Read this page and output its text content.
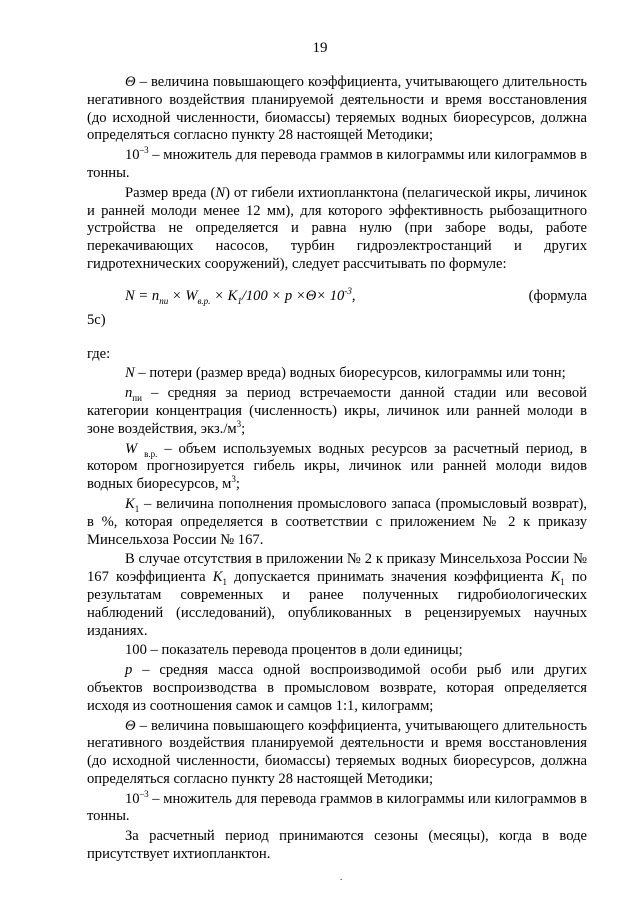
19

Θ – величина повышающего коэффициента, учитывающего длительность негативного воздействия планируемой деятельности и время восстановления (до исходной численности, биомассы) теряемых водных биоресурсов, должна определяться согласно пункту 28 настоящей Методики;

$10^{-3}$ – множитель для перевода граммов в килограммы или килограммов в тонны.

Размер вреда (N) от гибели ихтиопланктона (пелагической икры, личинок и ранней молоди менее 12 мм), для которого эффективность рыбозащитного устройства не определяется и равна нулю (при заборе воды, работе перекачивающих насосов, турбин гидроэлектростанций и других гидротехнических сооружений), следует рассчитывать по формуле:

$N = n_{пи} \times W_{в.р.} \times K_1/100 \times p \times\Theta\times 10^{-3}$,	(формула
5с)
где:

N – потери (размер вреда) водных биоресурсов, килограммы или тонн;

$n_{пи}$ – средняя за период встречаемости данной стадии или весовой категории концентрация (численность) икры, личинок или ранней молоди в зоне воздействия, $экз./м^3$;

W $_{в.р.}$ – объем используемых водных ресурсов за расчетный период, в котором прогнозируется гибель икры, личинок или ранней молоди видов водных биоресурсов, $м^3$;

$K_1$ – величина пополнения промыслового запаса (промысловый возврат), в %, которая определяется в соответствии с приложением № 2 к приказу Минсельхоза России № 167.

В случае отсутствия в приложении № 2 к приказу Минсельхоза России № 167 коэффициента $K_1$ допускается принимать значения коэффициента $K_1$ по результатам современных и ранее полученных гидробиологических наблюдений (исследований), опубликованных в рецензируемых научных изданиях.

100 – показатель перевода процентов в доли единицы;

p – средняя масса одной воспроизводимой особи рыб или других объектов воспроизводства в промысловом возврате, которая определяется исходя из соотношения самок и самцов 1:1, килограмм;

Θ – величина повышающего коэффициента, учитывающего длительность негативного воздействия планируемой деятельности и время восстановления (до исходной численности, биомассы) теряемых водных биоресурсов, должна определяться согласно пункту 28 настоящей Методики;

$10^{-3}$ – множитель для перевода граммов в килограммы или килограммов в тонны.

За расчетный период принимаются сезоны (месяцы), когда в воде присутствует ихтиопланктон.

.
